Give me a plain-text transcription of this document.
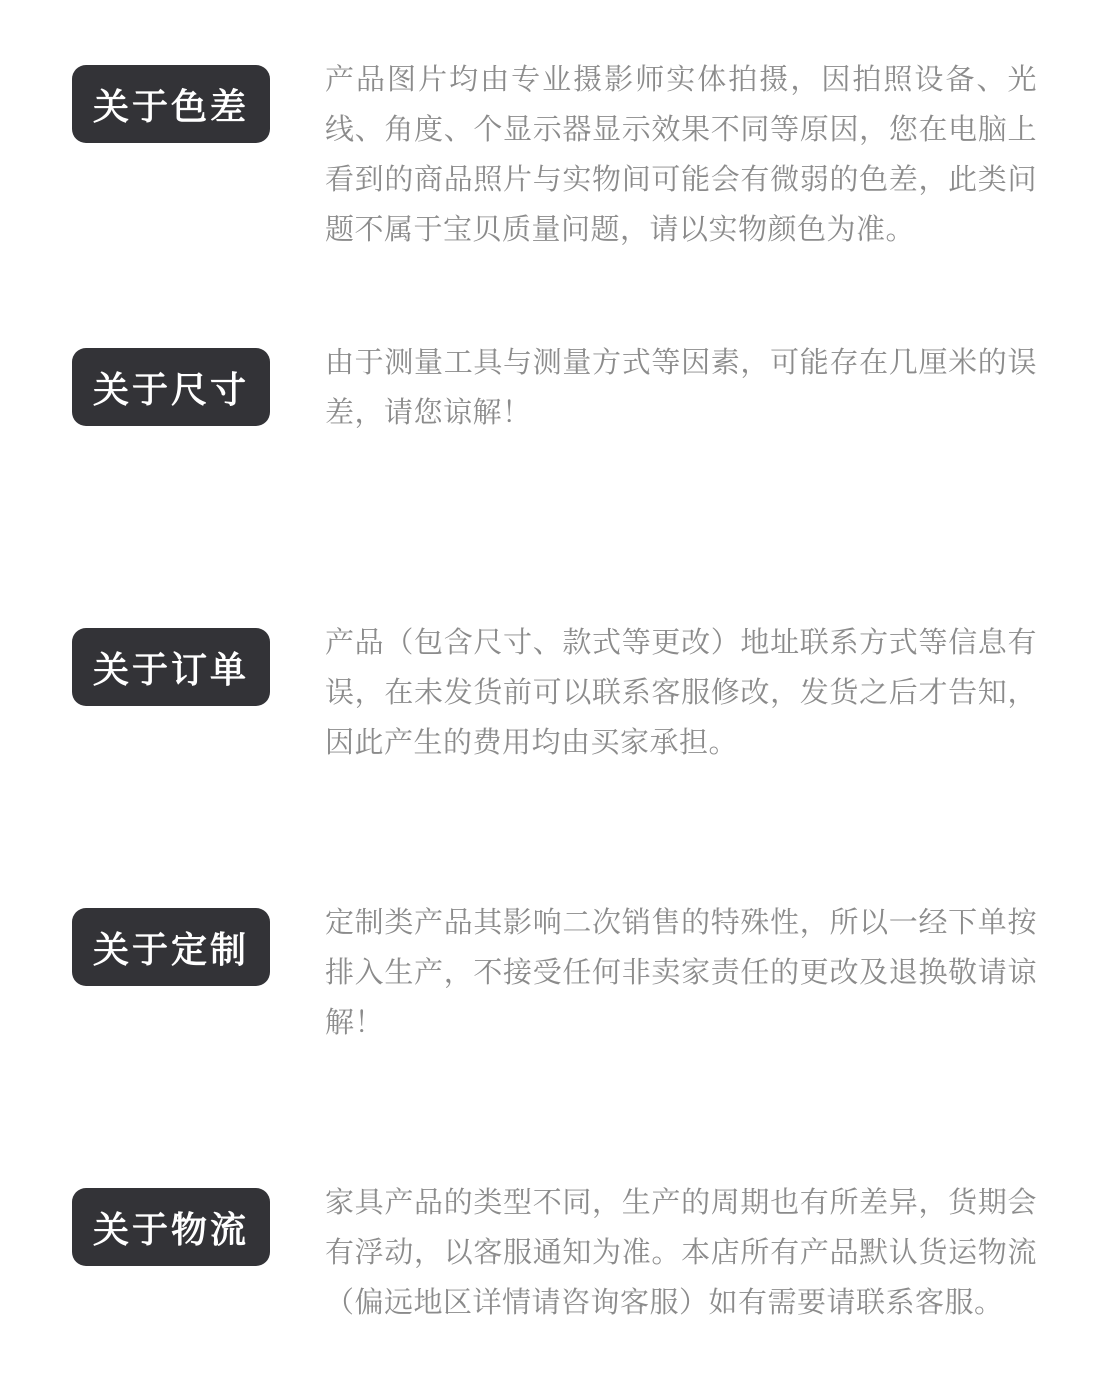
关于色差
产品图片均由专业摄影师实体拍摄，因拍照设备、光线、角度、个显示器显示效果不同等原因，您在电脑上看到的商品照片与实物间可能会有微弱的色差，此类问题不属于宝贝质量问题，请以实物颜色为准。
关于尺寸
由于测量工具与测量方式等因素，可能存在几厘米的误差，请您谅解！
关于订单
产品（包含尺寸、款式等更改）地址联系方式等信息有误，在未发货前可以联系客服修改，发货之后才告知，因此产生的费用均由买家承担。
关于定制
定制类产品其影响二次销售的特殊性，所以一经下单按排入生产，不接受任何非卖家责任的更改及退换敬请谅解！
关于物流
家具产品的类型不同，生产的周期也有所差异，货期会有浮动，以客服通知为准。本店所有产品默认货运物流（偏远地区详情请咨询客服）如有需要请联系客服。
